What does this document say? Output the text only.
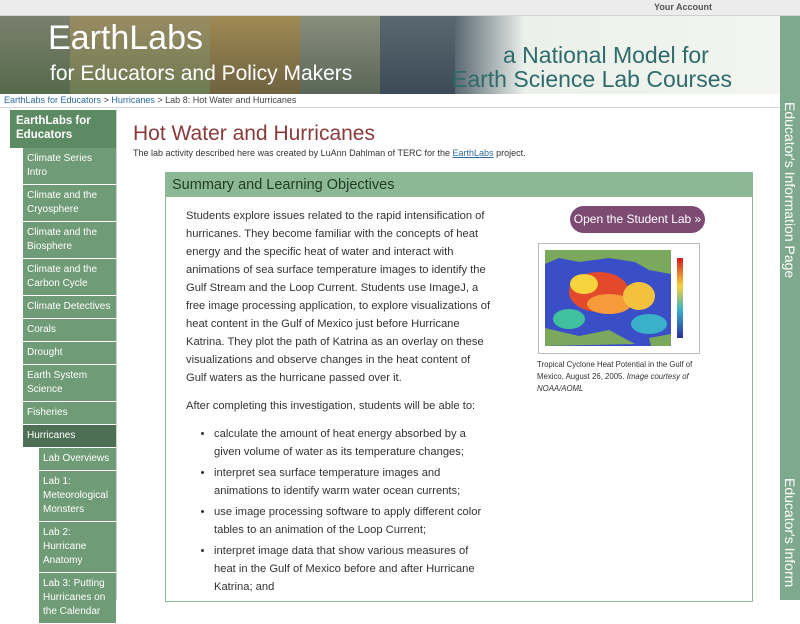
Your Account
EarthLabs
for Educators and Policy Makers
a National Model for
Earth Science Lab Courses
Educator's Information Page
Educator's Inform
EarthLabs for Educators > Hurricanes > Lab 8: Hot Water and Hurricanes
EarthLabs for Educators
Climate Series Intro
Climate and the Cryosphere
Climate and the Biosphere
Climate and the Carbon Cycle
Climate Detectives
Corals
Drought
Earth System Science
Fisheries
Hurricanes
Lab Overviews
Lab 1: Meteorological Monsters
Lab 2: Hurricane Anatomy
Lab 3: Putting Hurricanes on the Calendar
Hot Water and Hurricanes
The lab activity described here was created by LuAnn Dahlman of TERC for the EarthLabs project.
Summary and Learning Objectives

Students explore issues related to the rapid intensification of hurricanes. They become familiar with the concepts of heat energy and the specific heat of water and interact with animations of sea surface temperature images to identify the Gulf Stream and the Loop Current. Students use ImageJ, a free image processing application, to explore visualizations of heat content in the Gulf of Mexico just before Hurricane Katrina. They plot the path of Katrina as an overlay on these visualizations and observe changes in the heat content of Gulf waters as the hurricane passed over it.

After completing this investigation, students will be able to:

• calculate the amount of heat energy absorbed by a given volume of water as its temperature changes;
• interpret sea surface temperature images and animations to identify warm water ocean currents;
• use image processing software to apply different color tables to an animation of the Loop Current;
• interpret image data that show various measures of heat in the Gulf of Mexico before and after Hurricane Katrina; and
Open the Student Lab »
Tropical Cyclone Heat Potential in the Gulf of Mexico, August 26, 2005. Image courtesy of NOAA/AOML
